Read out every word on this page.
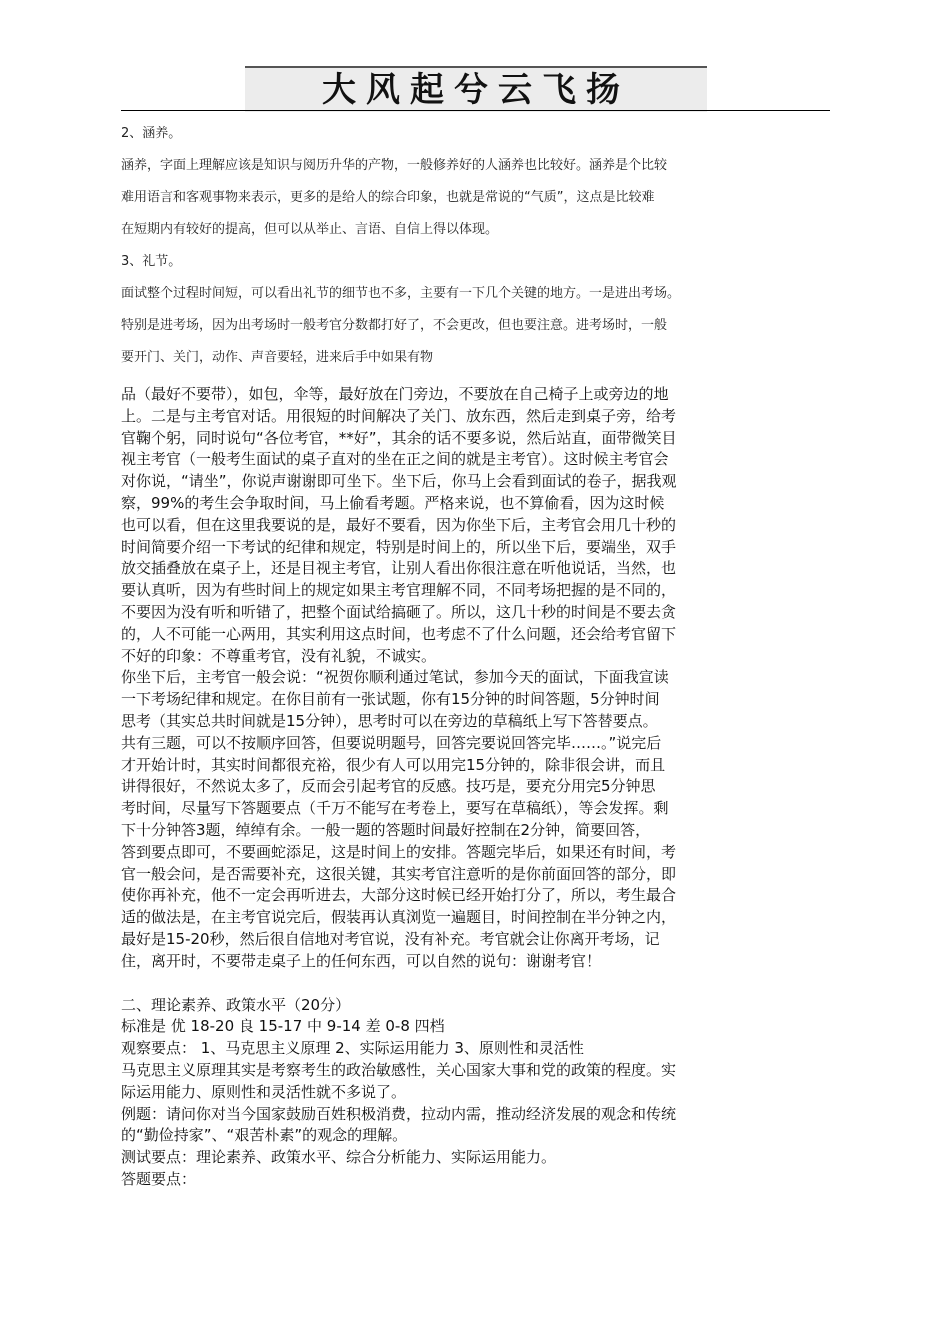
大风起兮云飞扬

2、涵养。

涵养，字面上理解应该是知识与阅历升华的产物，一般修养好的人涵养也比较好。涵养是个比较

难用语言和客观事物来表示，更多的是给人的综合印象，也就是常说的“气质”，这点是比较难

在短期内有较好的提高，但可以从举止、言语、自信上得以体现。

3、礼节。

面试整个过程时间短，可以看出礼节的细节也不多，主要有一下几个关键的地方。一是进出考场。

特别是进考场，因为出考场时一般考官分数都打好了，不会更改，但也要注意。进考场时，一般

要开门、关门，动作、声音要轻，进来后手中如果有物

品（最好不要带），如包，伞等，最好放在门旁边，不要放在自己椅子上或旁边的地

上。二是与主考官对话。用很短的时间解决了关门、放东西，然后走到桌子旁，给考

官鞠个躬，同时说句“各位考官，**好”，其余的话不要多说，然后站直，面带微笑目

视主考官（一般考生面试的桌子直对的坐在正之间的就是主考官）。这时候主考官会

对你说，“请坐”，你说声谢谢即可坐下。坐下后，你马上会看到面试的卷子，据我观

察，99%的考生会争取时间，马上偷看考题。严格来说，也不算偷看，因为这时候

也可以看，但在这里我要说的是，最好不要看，因为你坐下后，主考官会用几十秒的

时间简要介绍一下考试的纪律和规定，特别是时间上的，所以坐下后，要端坐，双手

放交插叠放在桌子上，还是目视主考官，让别人看出你很注意在听他说话，当然，也

要认真听，因为有些时间上的规定如果主考官理解不同，不同考场把握的是不同的，

不要因为没有听和听错了，把整个面试给搞砸了。所以，这几十秒的时间是不要去贪

的，人不可能一心两用，其实利用这点时间，也考虑不了什么问题，还会给考官留下

不好的印象：不尊重考官，没有礼貌，不诚实。

你坐下后，主考官一般会说：“祝贺你顺利通过笔试，参加今天的面试，下面我宣读

一下考场纪律和规定。在你目前有一张试题，你有15分钟的时间答题，5分钟时间

思考（其实总共时间就是15分钟），思考时可以在旁边的草稿纸上写下答替要点。

共有三题，可以不按顺序回答，但要说明题号，回答完要说回答完毕……。”说完后

才开始计时，其实时间都很充裕，很少有人可以用完15分钟的，除非很会讲，而且

讲得很好，不然说太多了，反而会引起考官的反感。技巧是，要充分用完5分钟思

考时间，尽量写下答题要点（千万不能写在考卷上，要写在草稿纸），等会发挥。剩

下十分钟答3题，绰绰有余。一般一题的答题时间最好控制在2分钟，简要回答，

答到要点即可，不要画蛇添足，这是时间上的安排。答题完毕后，如果还有时间，考

官一般会问，是否需要补充，这很关键，其实考官注意听的是你前面回答的部分，即

使你再补充，他不一定会再听进去，大部分这时候已经开始打分了，所以，考生最合

适的做法是，在主考官说完后，假装再认真浏览一遍题目，时间控制在半分钟之内，

最好是15-20秒，然后很自信地对考官说，没有补充。考官就会让你离开考场，记

住，离开时，不要带走桌子上的任何东西，可以自然的说句：谢谢考官！

二、理论素养、政策水平（20分）

标准是 优 18-20 良 15-17 中 9-14 差 0-8 四档

观察要点： 1、马克思主义原理 2、实际运用能力 3、原则性和灵活性

马克思主义原理其实是考察考生的政治敏感性，关心国家大事和党的政策的程度。实

际运用能力、原则性和灵活性就不多说了。

例题：请问你对当今国家鼓励百姓积极消费，拉动内需，推动经济发展的观念和传统

的“勤俭持家”、“艰苦朴素”的观念的理解。

测试要点：理论素养、政策水平、综合分析能力、实际运用能力。

答题要点：
